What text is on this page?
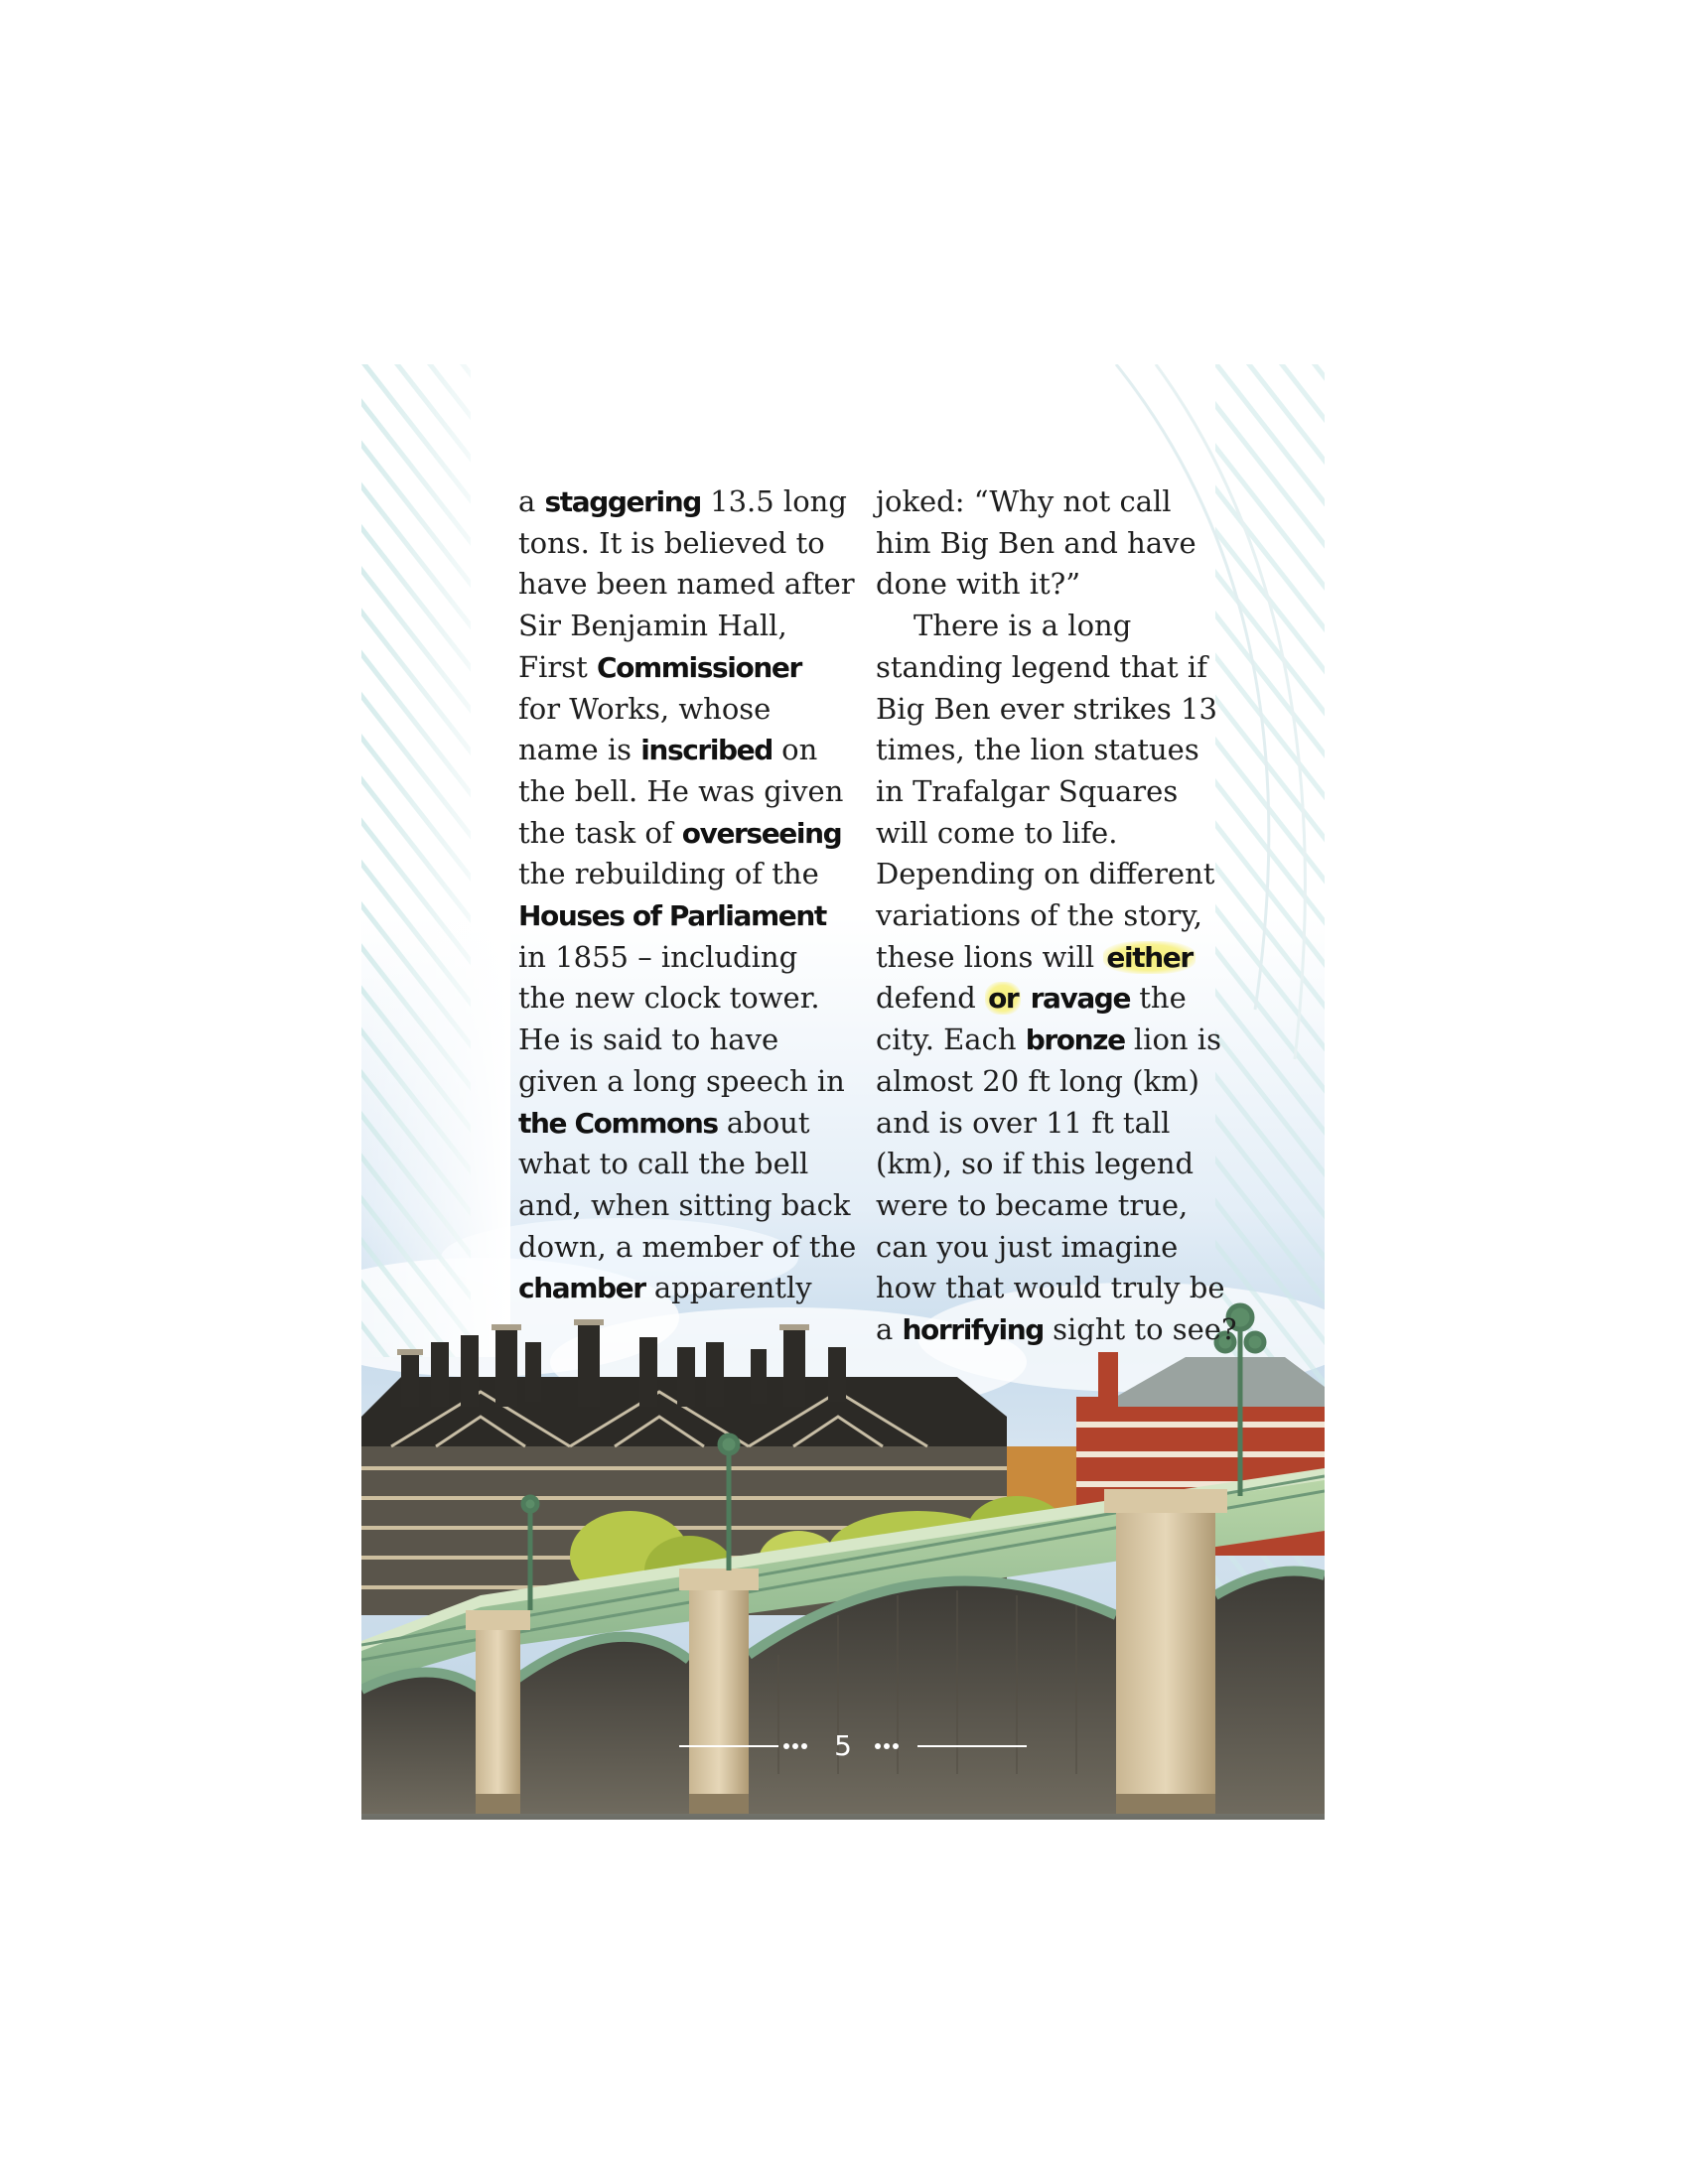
a staggering 13.5 long

tons. It is believed to

have been named after

Sir Benjamin Hall,

First Commissioner

for Works, whose

name is inscribed on

the bell. He was given

the task of overseeing

the rebuilding of the

Houses of Parliament

in 1855 – including

the new clock tower.

He is said to have

given a long speech in

the Commons about

what to call the bell

and, when sitting back

down, a member of the

chamber apparently

joked: “Why not call

him Big Ben and have

done with it?”

There is a long

standing legend that if

Big Ben ever strikes 13

times, the lion statues

in Trafalgar Squares

will come to life.

Depending on different

variations of the story,

these lions will either

defend or ravage the

city. Each bronze lion is

almost 20 ft long (km)

and is over 11 ft tall

(km), so if this legend

were to became true,

can you just imagine

how that would truly be

a horrifying sight to see?

5
